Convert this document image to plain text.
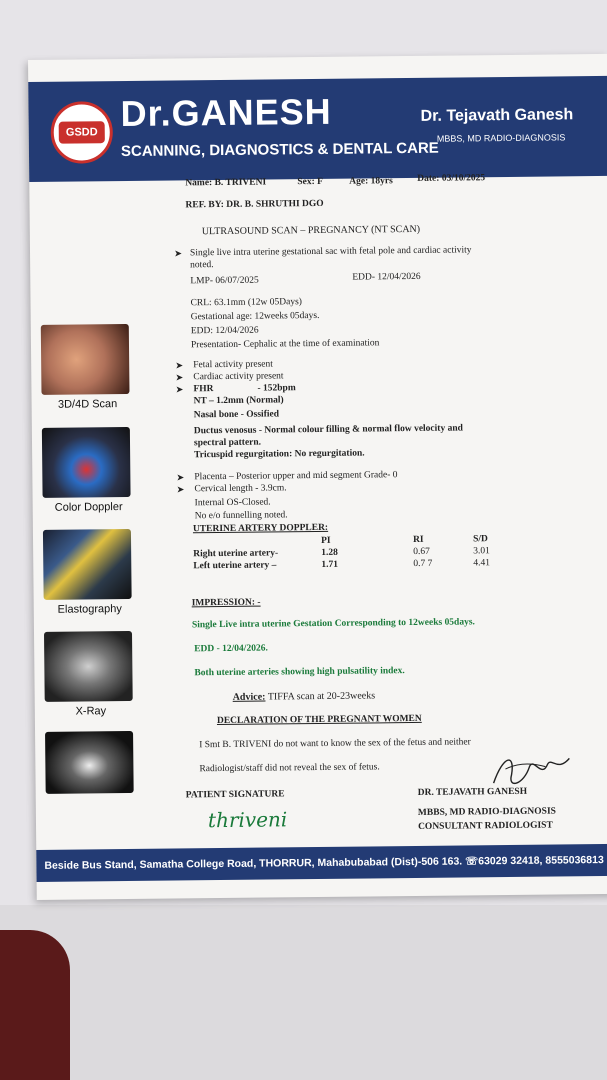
GSDD Dr.GANESH
SCANNING, DIAGNOSTICS & DENTAL CARE
Dr. Tejavath Ganesh
MBBS, MD RADIO-DIAGNOSIS
3D/4D Scan
Color Doppler
Elastography
X-Ray
Name: B. TRIVENI	Sex: F	Age: 18yrs	Date: 03/10/2025
REF. BY: DR. B. SHRUTHI DGO
ULTRASOUND SCAN – PREGNANCY (NT SCAN)
➤ Single live intra uterine gestational sac with fetal pole and cardiac activity
noted.
LMP- 06/07/2025	EDD- 12/04/2026
CRL: 63.1mm (12w 05Days)
Gestational age: 12weeks 05days.
EDD: 12/04/2026
Presentation- Cephalic at the time of examination
➤ Fetal activity present
➤ Cardiac activity present
➤ FHR	- 152bpm
NT – 1.2mm (Normal)
Nasal bone - Ossified
Ductus venosus - Normal colour filling & normal flow velocity and
spectral pattern.
Tricuspid regurgitation: No regurgitation.
➤ Placenta – Posterior upper and mid segment Grade- 0
➤ Cervical length - 3.9cm.
Internal OS-Closed.
No e/o funnelling noted.
UTERINE ARTERY DOPPLER:
	PI	RI	S/D
Right uterine artery-	1.28	0.67	3.01
Left uterine artery –	1.71	0.7 7	4.41
IMPRESSION: -
Single Live intra uterine Gestation Corresponding to 12weeks 05days.
EDD - 12/04/2026.
Both uterine arteries showing high pulsatility index.
Advice: TIFFA scan at 20-23weeks
DECLARATION OF THE PREGNANT WOMEN
I Smt B. TRIVENI do not want to know the sex of the fetus and neither
Radiologist/staff did not reveal the sex of fetus.
PATIENT SIGNATURE
thriveni
DR. TEJAVATH GANESH
MBBS, MD RADIO-DIAGNOSIS
CONSULTANT RADIOLOGIST
Beside Bus Stand, Samatha College Road, THORRUR, Mahabubabad (Dist)-506 163. ☏63029 32418, 8555036813
